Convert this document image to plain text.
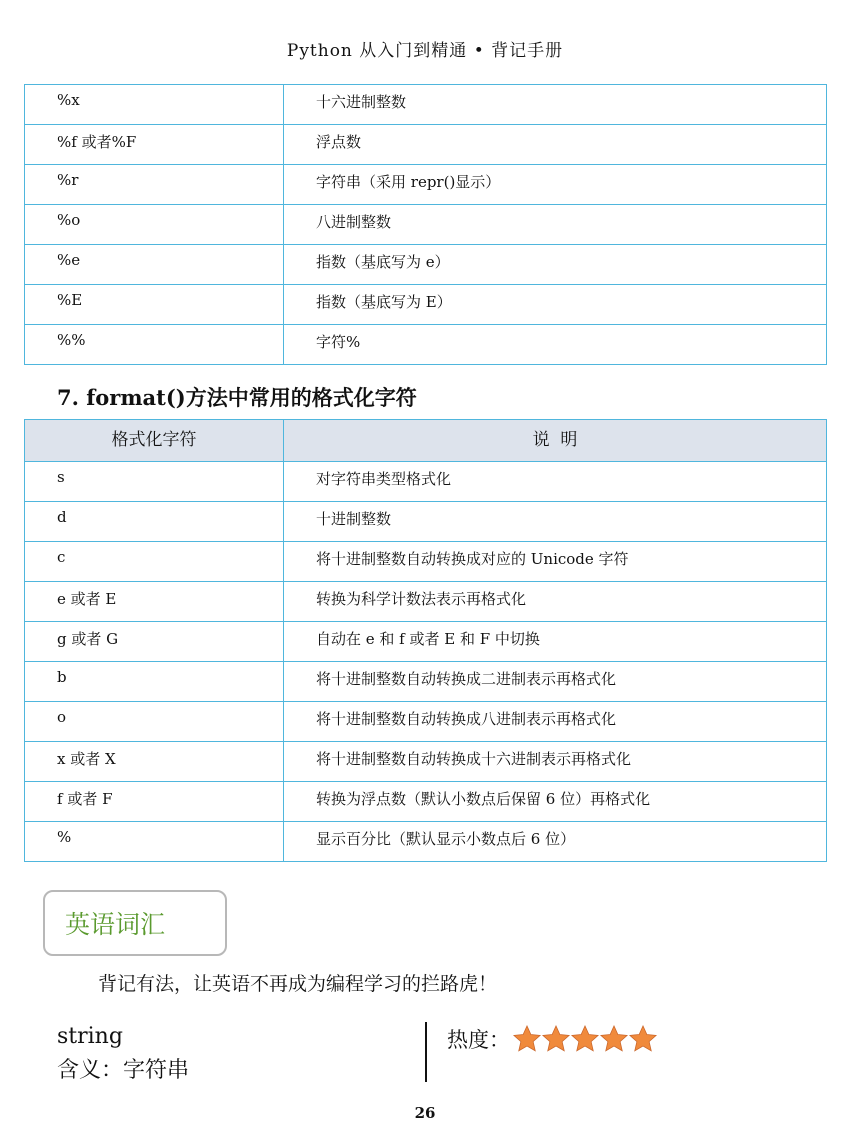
Python 从入门到精通 • 背记手册
%x	十六进制整数
%f 或者%F	浮点数
%r	字符串（采用 repr()显示）
%o	八进制整数
%e	指数（基底写为 e）
%E	指数（基底写为 E）
%%	字符%
7. format()方法中常用的格式化字符
格式化字符	说  明
s	对字符串类型格式化
d	十进制整数
c	将十进制整数自动转换成对应的 Unicode 字符
e 或者 E	转换为科学计数法表示再格式化
g 或者 G	自动在 e 和 f 或者 E 和 F 中切换
b	将十进制整数自动转换成二进制表示再格式化
o	将十进制整数自动转换成八进制表示再格式化
x 或者 X	将十进制整数自动转换成十六进制表示再格式化
f 或者 F	转换为浮点数（默认小数点后保留 6 位）再格式化
%	显示百分比（默认显示小数点后 6 位）
英语词汇
背记有法，让英语不再成为编程学习的拦路虎！
string
含义：字符串
热度：
26
